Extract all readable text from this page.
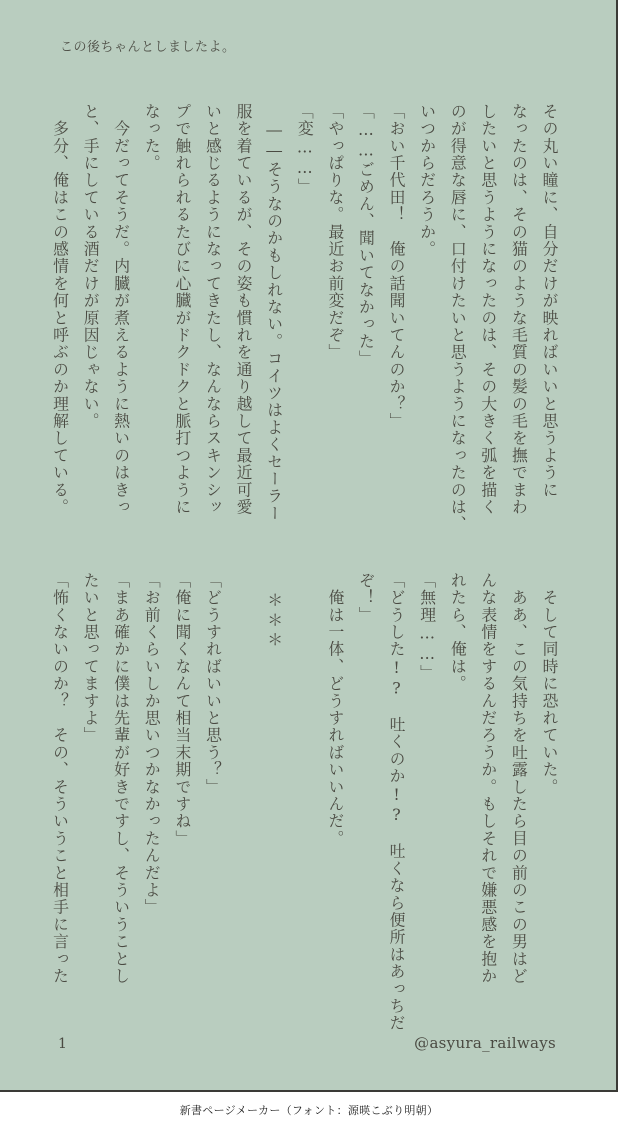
この後ちゃんとしましたよ。
その丸い瞳に、自分だけが映ればいいと思うように
なったのは、その猫のような毛質の髪の毛を撫でまわ
したいと思うようになったのは、その大きく弧を描く
のが得意な唇に、口付けたいと思うようになったのは、
いつからだろうか。
「おい千代田！　俺の話聞いてんのか？」
「……ごめん、聞いてなかった」
「やっぱりな。最近お前変だぞ」
「変……」
　――そうなのかもしれない。コイツはよくセーラー
服を着ているが、その姿も慣れを通り越して最近可愛
いと感じるようになってきたし、なんならスキンシッ
プで触れられるたびに心臓がドクドクと脈打つように
なった。
　今だってそうだ。内臓が煮えるように熱いのはきっ
と、手にしている酒だけが原因じゃない。
　多分、俺はこの感情を何と呼ぶのか理解している。
　そして同時に恐れていた。
　ああ、この気持ちを吐露したら目の前のこの男はど
んな表情をするんだろうか。もしそれで嫌悪感を抱か
れたら、俺は。
「無理……」
「どうした!?　吐くのか!?　吐くなら便所はあっちだ
ぞ！」
　俺は一体、どうすればいいんだ。
　＊＊＊
「どうすればいいと思う？」
「俺に聞くなんて相当末期ですね」
「お前くらいしか思いつかなかったんだよ」
「まあ確かに僕は先輩が好きですし、そういうことし
たいと思ってますよ」
「怖くないのか？　その、そういうこと相手に言った
1	@asyura_railways
新書ページメーカー（フォント：源暎こぶり明朝）
